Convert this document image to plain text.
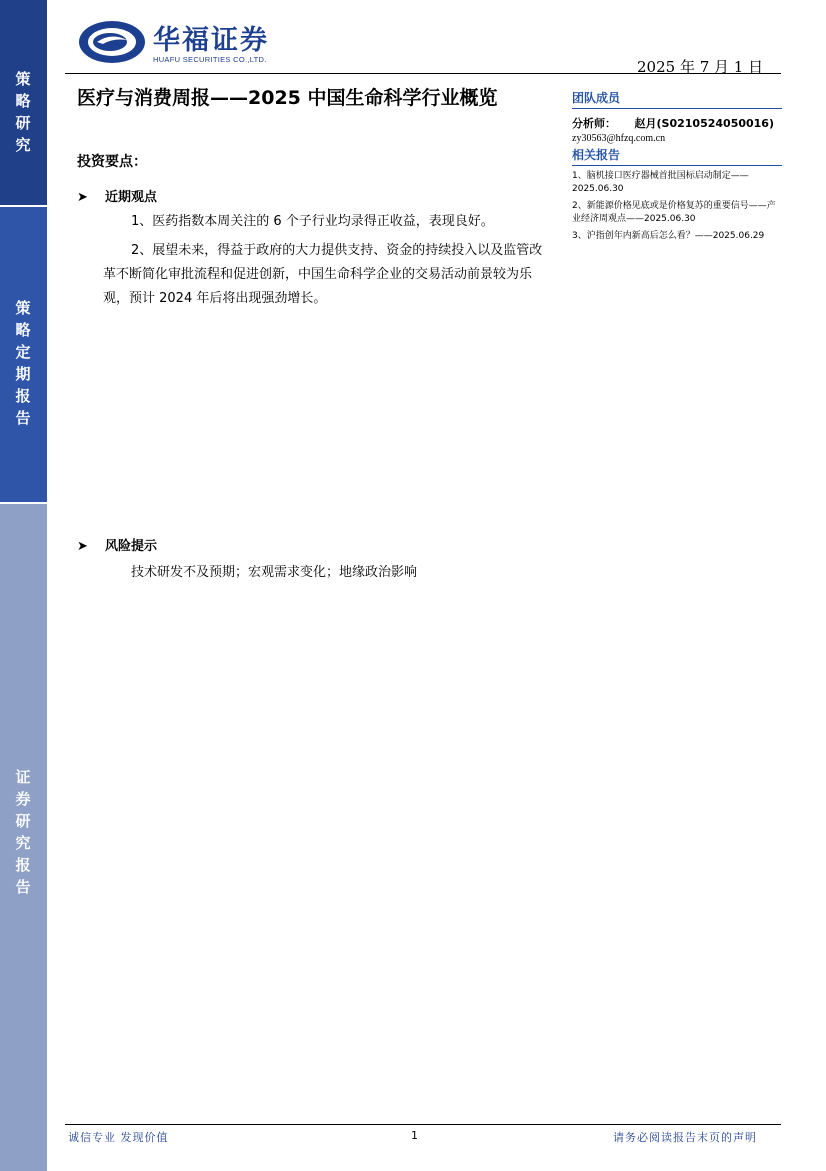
策略研究
策略定期报告
证券研究报告
华福证券
HUAFU SECURITIES CO.,LTD.	2025 年 7 月 1 日
医疗与消费周报——2025 中国生命科学行业概览
投资要点：
➤ 近期观点
1、医药指数本周关注的 6 个子行业均录得正收益，表现良好。
2、展望未来，得益于政府的大力提供支持、资金的持续投入以及监管改革不断简化审批流程和促进创新，中国生命科学企业的交易活动前景较为乐观，预计 2024 年后将出现强劲增长。
➤ 风险提示
技术研发不及预期；宏观需求变化；地缘政治影响
团队成员
分析师： 赵月(S0210524050016)
zy30563@hfzq.com.cn
相关报告
1、脑机接口医疗器械首批国标启动制定——2025.06.30
2、新能源价格见底或是价格复苏的重要信号——产业经济周观点——2025.06.30
3、沪指创年内新高后怎么看？——2025.06.29
诚信专业 发现价值	1	请务必阅读报告末页的声明
